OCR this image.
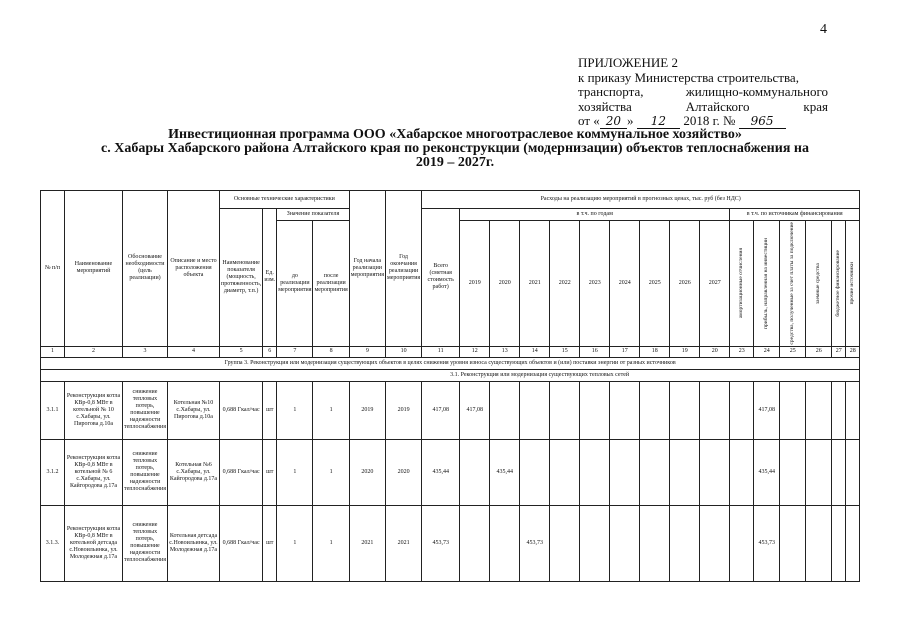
4
ПРИЛОЖЕНИЕ 2
к приказу Министерства строительства,
транспорта,	жилищно-коммунального
хозяйства	Алтайского	края
от « 20 » 12 2018 г. № 965
Инвестиционная программа ООО «Хабарское многоотраслевое коммунальное хозяйство»
с. Хабары Хабарского района Алтайского края по реконструкции (модернизации) объектов теплоснабжения на
2019 – 2027г.
№ п/п	Наименование мероприятий	Обоснование необходимости (цель реализации)	Описание и место расположения объекта	Основные технические характеристики				Год начала реализации мероприятия	Год окончания реализации мероприятия	Расходы на реализацию мероприятий в прогнозных ценах, тыс. руб (без НДС)															
				Наименование показателя (мощность, протяженность, диаметр, т.п.)	Ед. изм.	Значение показателя				Всего (сметная стоимость работ)	в т.ч. по годам									в т.ч. по источникам финансирования					
						до реализации мероприятия	после реализации мероприятия				2019	2020	2021	2022	2023	2024	2025	2026	2027	амортизационные отчисления	прибыль, направленная на инвестиции	средства, полученные за счет платы за подключение	заемные средства	бюджетное финансирование	прочие источники

1	2	3	4	5	6	7	8	9	10	11	12	13	14	15	16	17	18	19	20	23	24	25	26	27	28
Группа 3. Реконструкция или модернизация существующих объектов в целях снижения уровня износа существующих объектов и (или) поставки энергии от разных источников																									
3.1. Реконструкция или модернизация существующих тепловых сетей																									
3.1.1	Реконструкция котла КВр-0,8 МВт в котельной № 10 с.Хабары, ул. Пирогова д.10а	снижение тепловых потерь, повышение надежности теплоснабжения	Котельная №10 с.Хабары, ул. Пирогова д.10а	0,688 Гкал/час	шт	1	1	2019	2019	417,08	417,08										417,08				
3.1.2	Реконструкция котла КВр-0,8 МВт в котельной № 6 с.Хабары, ул. Кайгородова д.17а	снижение тепловых потерь, повышение надежности теплоснабжения	Котельная №6 с.Хабары, ул. Кайгородова д.17а	0,688 Гкал/час	шт	1	1	2020	2020	435,44		435,44									435,44				
3.1.3.	Реконструкция котла КВр-0,8 МВт в котельной детсада с.Новоильинка, ул. Молодежная д.17а	снижение тепловых потерь, повышение надежности теплоснабжения	Котельная детсада с.Новоильинка, ул. Молодежная д.17а	0,688 Гкал/час	шт	1	1	2021	2021	453,73			453,73								453,73				
